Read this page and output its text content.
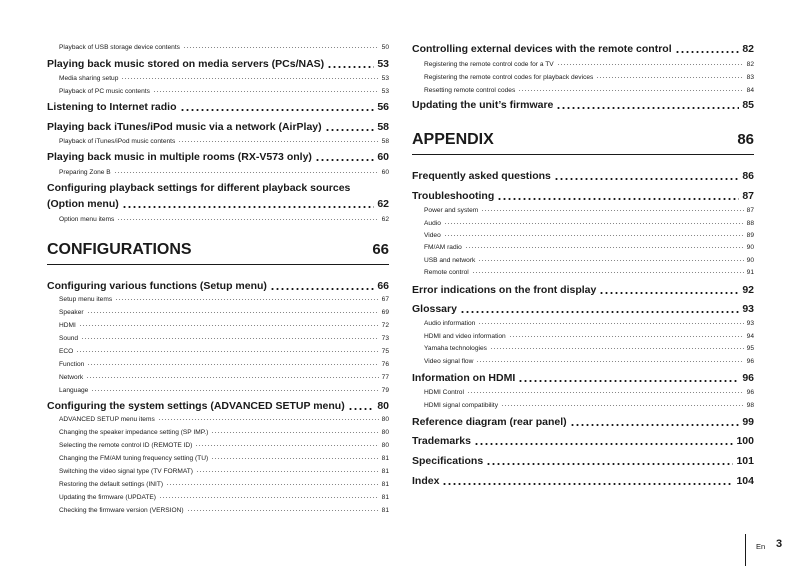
Playback of USB storage device contents	50
Playing back music stored on media servers (PCs/NAS)	53
Media sharing setup	53
Playback of PC music contents	53
Listening to Internet radio	56
Playing back iTunes/iPod music via a network (AirPlay)	58
Playback of iTunes/iPod music contents	58
Playing back music in multiple rooms (RX-V573 only)	60
Preparing Zone B	60
Configuring playback settings for different playback sources
(Option menu)	62
Option menu items	62
CONFIGURATIONS	66
Configuring various functions (Setup menu)	66
Setup menu items	67
Speaker	69
HDMI	72
Sound	73
ECO	75
Function	76
Network	77
Language	79
Configuring the system settings (ADVANCED SETUP menu)	80
ADVANCED SETUP menu items	80
Changing the speaker impedance setting (SP IMP.)	80
Selecting the remote control ID (REMOTE ID)	80
Changing the FM/AM tuning frequency setting (TU)	81
Switching the video signal type (TV FORMAT)	81
Restoring the default settings (INIT)	81
Updating the firmware (UPDATE)	81
Checking the firmware version (VERSION)	81
Controlling external devices with the remote control	82
Registering the remote control code for a TV	82
Registering the remote control codes for playback devices	83
Resetting remote control codes	84
Updating the unit’s firmware	85
APPENDIX	86
Frequently asked questions	86
Troubleshooting	87
Power and system	87
Audio	88
Video	89
FM/AM radio	90
USB and network	90
Remote control	91
Error indications on the front display	92
Glossary	93
Audio information	93
HDMI and video information	94
Yamaha technologies	95
Video signal flow	96
Information on HDMI	96
HDMI Control	96
HDMI signal compatibility	98
Reference diagram (rear panel)	99
Trademarks	100
Specifications	101
Index	104
En 3
